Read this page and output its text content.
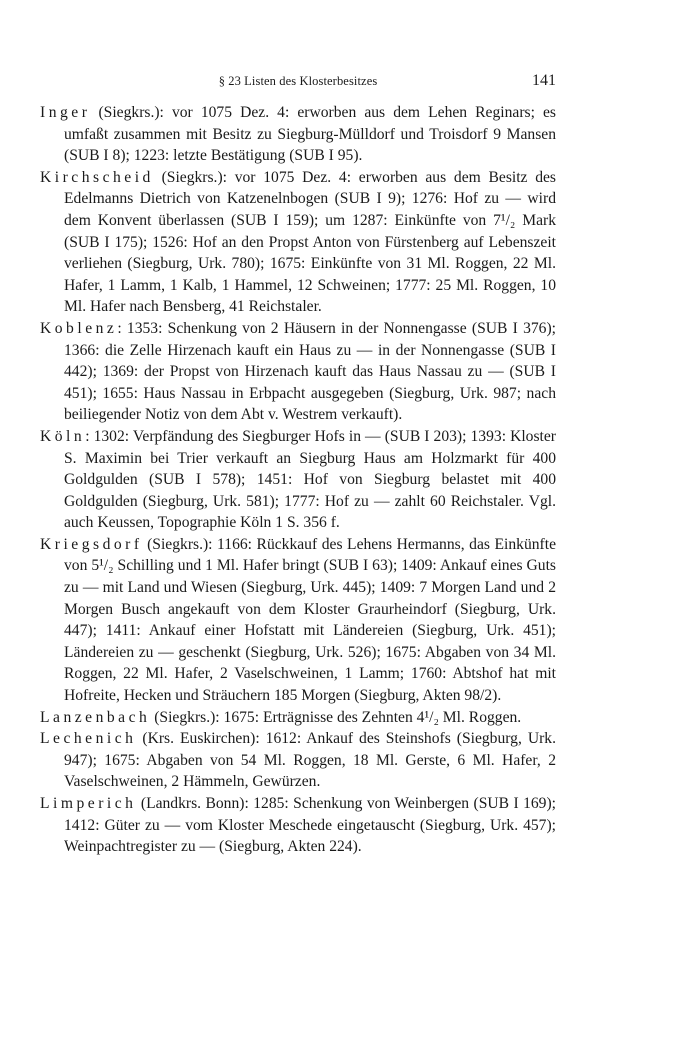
§ 23 Listen des Klosterbesitzes	141

Inger (Siegkrs.): vor 1075 Dez. 4: erworben aus dem Lehen Reginars; es umfaßt zusammen mit Besitz zu Siegburg-Mülldorf und Troisdorf 9 Mansen (SUB I 8); 1223: letzte Bestätigung (SUB I 95).

Kirchscheid (Siegkrs.): vor 1075 Dez. 4: erworben aus dem Besitz des Edelmanns Dietrich von Katzenelnbogen (SUB I 9); 1276: Hof zu — wird dem Konvent überlassen (SUB I 159); um 1287: Einkünfte von 7¹/₂ Mark (SUB I 175); 1526: Hof an den Propst Anton von Fürstenberg auf Lebenszeit verliehen (Siegburg, Urk. 780); 1675: Einkünfte von 31 Ml. Roggen, 22 Ml. Hafer, 1 Lamm, 1 Kalb, 1 Hammel, 12 Schweinen; 1777: 25 Ml. Roggen, 10 Ml. Hafer nach Bensberg, 41 Reichstaler.

Koblenz: 1353: Schenkung von 2 Häusern in der Nonnengasse (SUB I 376); 1366: die Zelle Hirzenach kauft ein Haus zu — in der Nonnengasse (SUB I 442); 1369: der Propst von Hirzenach kauft das Haus Nassau zu — (SUB I 451); 1655: Haus Nassau in Erbpacht ausgegeben (Siegburg, Urk. 987; nach beiliegender Notiz von dem Abt v. Westrem verkauft).

Köln: 1302: Verpfändung des Siegburger Hofs in — (SUB I 203); 1393: Kloster S. Maximin bei Trier verkauft an Siegburg Haus am Holzmarkt für 400 Goldgulden (SUB I 578); 1451: Hof von Siegburg belastet mit 400 Goldgulden (Siegburg, Urk. 581); 1777: Hof zu — zahlt 60 Reichstaler. Vgl. auch Keussen, Topographie Köln 1 S. 356 f.

Kriegsdorf (Siegkrs.): 1166: Rückkauf des Lehens Hermanns, das Einkünfte von 5¹/₂ Schilling und 1 Ml. Hafer bringt (SUB I 63); 1409: Ankauf eines Guts zu — mit Land und Wiesen (Siegburg, Urk. 445); 1409: 7 Morgen Land und 2 Morgen Busch angekauft von dem Kloster Graurheindorf (Siegburg, Urk. 447); 1411: Ankauf einer Hofstatt mit Ländereien (Siegburg, Urk. 451); Ländereien zu — geschenkt (Siegburg, Urk. 526); 1675: Abgaben von 34 Ml. Roggen, 22 Ml. Hafer, 2 Vaselschweinen, 1 Lamm; 1760: Abtshof hat mit Hofreite, Hecken und Sträuchern 185 Morgen (Siegburg, Akten 98/2).

Lanzenbach (Siegkrs.): 1675: Erträgnisse des Zehnten 4¹/₂ Ml. Roggen.

Lechenich (Krs. Euskirchen): 1612: Ankauf des Steinshofs (Siegburg, Urk. 947); 1675: Abgaben von 54 Ml. Roggen, 18 Ml. Gerste, 6 Ml. Hafer, 2 Vaselschweinen, 2 Hämmeln, Gewürzen.

Limperich (Landkrs. Bonn): 1285: Schenkung von Weinbergen (SUB I 169); 1412: Güter zu — vom Kloster Meschede eingetauscht (Siegburg, Urk. 457); Weinpachtregister zu — (Siegburg, Akten 224).
